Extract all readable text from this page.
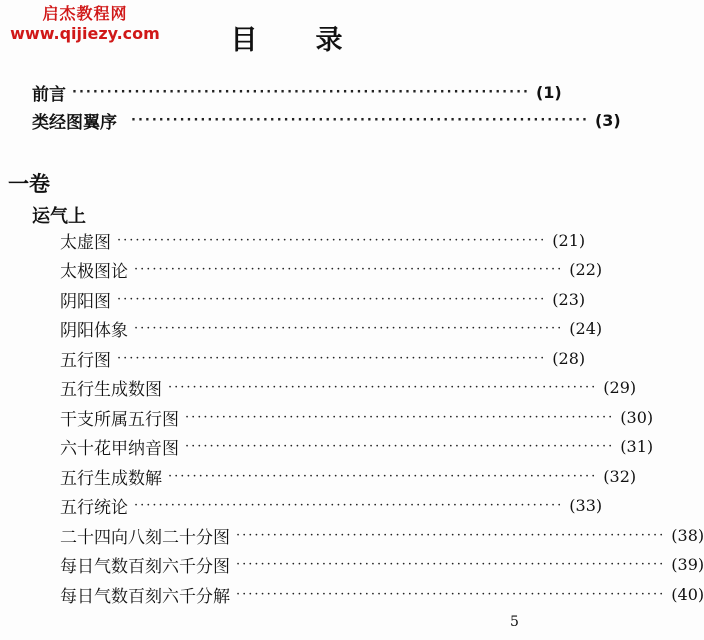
启杰教程网
www.qijiezy.com	目录
前言 ·································································· (1)
类经图翼序 ·································································· (3)
一卷
运气上
太虚图 ······································································ (21)
太极图论 ······································································ (22)
阴阳图 ······································································ (23)
阴阳体象 ······································································ (24)
五行图 ······································································ (28)
五行生成数图 ······································································ (29)
干支所属五行图 ······································································ (30)
六十花甲纳音图 ······································································ (31)
五行生成数解 ······································································ (32)
五行统论 ······································································ (33)
二十四向八刻二十分图 ······································································ (38)
每日气数百刻六千分图 ······································································ (39)
每日气数百刻六千分解 ······································································ (40)
5
